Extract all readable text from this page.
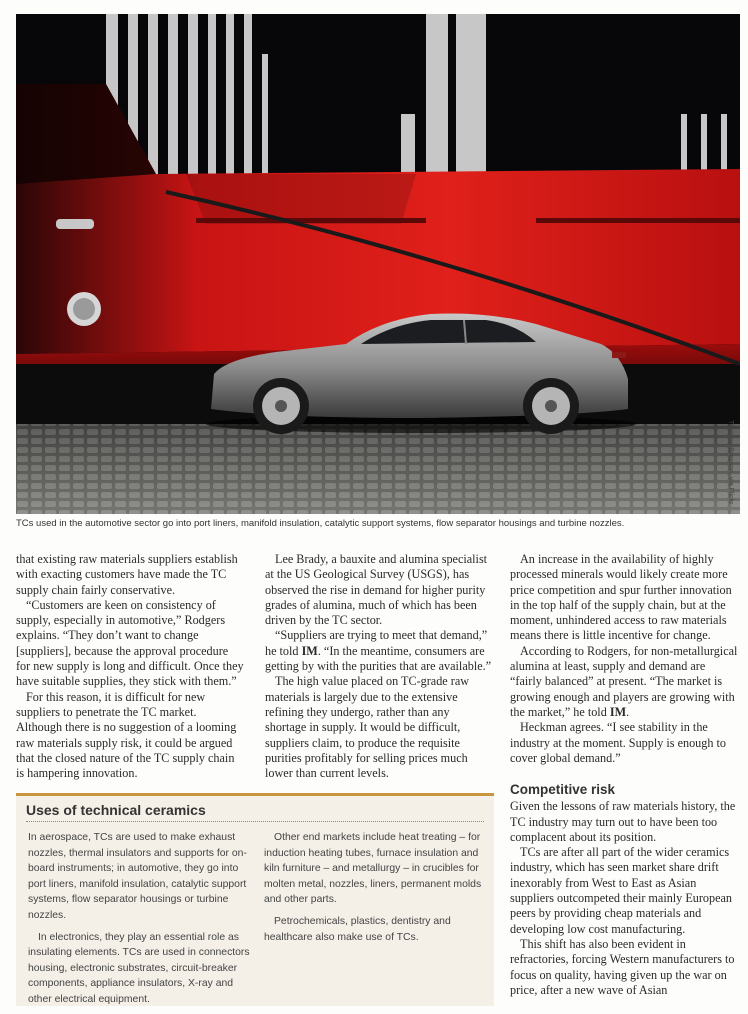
Thomas Bresson, via Flickr
TCs used in the automotive sector go into port liners, manifold insulation, catalytic support systems, flow separator housings and turbine nozzles.

that existing raw materials suppliers establish with exacting customers have made the TC supply chain fairly conservative.

“Customers are keen on consistency of supply, especially in automotive,” Rodgers explains. “They don’t want to change [suppliers], because the approval procedure for new supply is long and difficult. Once they have suitable supplies, they stick with them.”

For this reason, it is difficult for new suppliers to penetrate the TC market. Although there is no suggestion of a looming raw materials supply risk, it could be argued that the closed nature of the TC supply chain is hampering innovation.

Lee Brady, a bauxite and alumina specialist at the US Geological Survey (USGS), has observed the rise in demand for higher purity grades of alumina, much of which has been driven by the TC sector.

“Suppliers are trying to meet that demand,” he told IM. “In the meantime, consumers are getting by with the purities that are available.”

The high value placed on TC-grade raw materials is largely due to the extensive refining they undergo, rather than any shortage in supply. It would be difficult, suppliers claim, to produce the requisite purities profitably for selling prices much lower than current levels.

An increase in the availability of highly processed minerals would likely create more price competition and spur further innovation in the top half of the supply chain, but at the moment, unhindered access to raw materials means there is little incentive for change.

According to Rodgers, for non-metallurgical alumina at least, supply and demand are “fairly balanced” at present. “The market is growing enough and players are growing with the market,” he told IM.

Heckman agrees. “I see stability in the industry at the moment. Supply is enough to cover global demand.”

Competitive risk

Given the lessons of raw materials history, the TC industry may turn out to have been too complacent about its position.

TCs are after all part of the wider ceramics industry, which has seen market share drift inexorably from West to East as Asian suppliers outcompeted their mainly European peers by providing cheap materials and developing low cost manufacturing.

This shift has also been evident in refractories, forcing Western manufacturers to focus on quality, having given up the war on price, after a new wave of Asian

Uses of technical ceramics

In aerospace, TCs are used to make exhaust nozzles, thermal insulators and supports for on-board instruments; in automotive, they go into port liners, manifold insulation, catalytic support systems, flow separator housings or turbine nozzles.

In electronics, they play an essential role as insulating elements. TCs are used in connectors housing, electronic substrates, circuit-breaker components, appliance insulators, X-ray and other electrical equipment.

Other end markets include heat treating – for induction heating tubes, furnace insulation and kiln furniture – and metallurgy – in crucibles for molten metal, nozzles, liners, permanent molds and other parts.

Petrochemicals, plastics, dentistry and healthcare also make use of TCs.
